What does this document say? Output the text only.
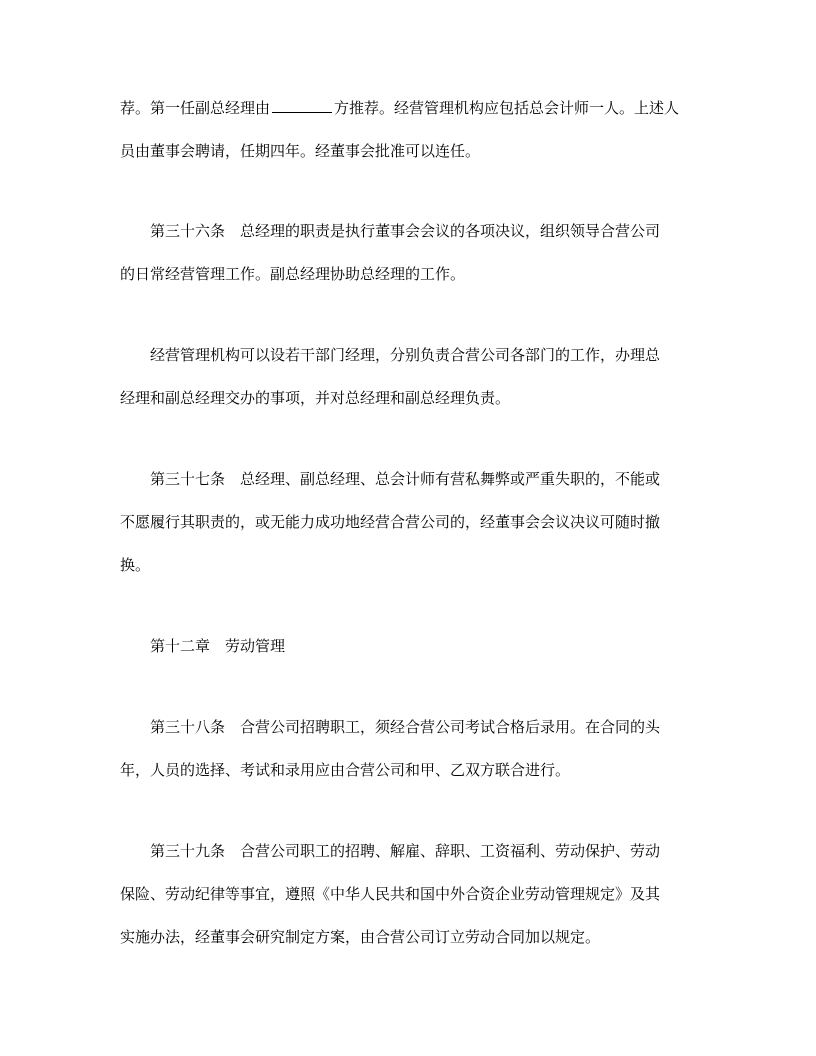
荐。第一任副总经理由	方推荐。经营管理机构应包括总会计师一人。上述人
员由董事会聘请，任期四年。经董事会批准可以连任。
第三十六条 总经理的职责是执行董事会会议的各项决议，组织领导合营公司
的日常经营管理工作。副总经理协助总经理的工作。
经营管理机构可以设若干部门经理，分别负责合营公司各部门的工作，办理总
经理和副总经理交办的事项，并对总经理和副总经理负责。
第三十七条 总经理、副总经理、总会计师有营私舞弊或严重失职的，不能或
不愿履行其职责的，或无能力成功地经营合营公司的，经董事会会议决议可随时撤
换。
第十二章 劳动管理
第三十八条 合营公司招聘职工，须经合营公司考试合格后录用。在合同的头
年，人员的选择、考试和录用应由合营公司和甲、乙双方联合进行。
第三十九条 合营公司职工的招聘、解雇、辞职、工资福利、劳动保护、劳动
保险、劳动纪律等事宜，遵照《中华人民共和国中外合资企业劳动管理规定》及其
实施办法，经董事会研究制定方案，由合营公司订立劳动合同加以规定。
